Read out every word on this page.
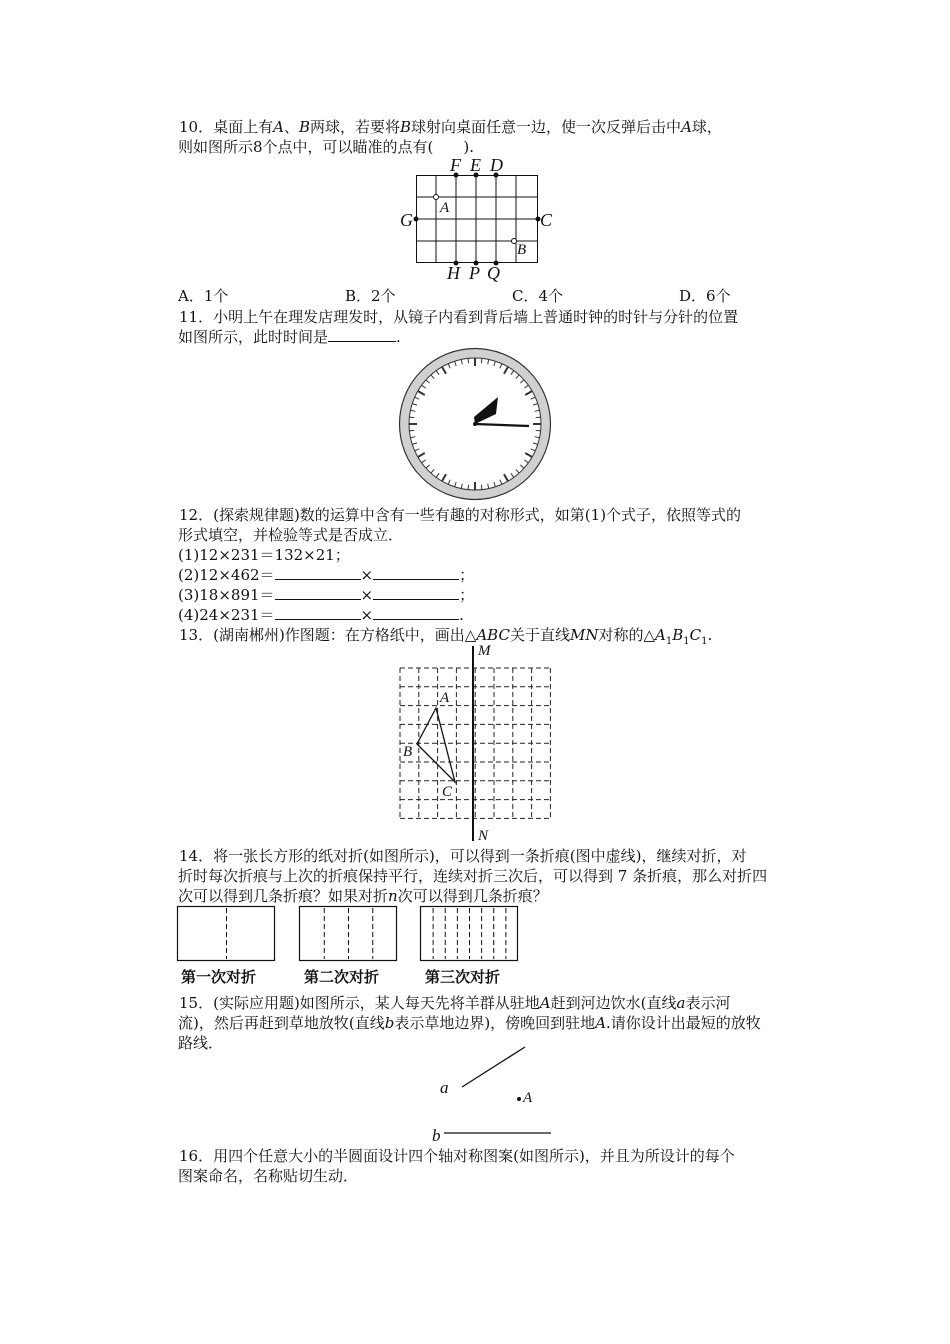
10．桌面上有A、B两球，若要将B球射向桌面任意一边，使一次反弹后击中A球，
则如图所示8个点中，可以瞄准的点有(　　).
F E D
G	C
H P Q
A
B
A．1个	B．2个	C．4个	D．6个
11．小明上午在理发店理发时，从镜子内看到背后墙上普通时钟的时针与分针的位置
如图所示，此时时间是	.
12．(探索规律题)数的运算中含有一些有趣的对称形式，如第(1)个式子，依照等式的
形式填空，并检验等式是否成立．
(1)12×231＝132×21；
(2)12×462＝	×	；
(3)18×891＝	×	；
(4)24×231＝	×	.
13．(湖南郴州)作图题：在方格纸中，画出△ABC关于直线MN对称的$\triangle A_1B_1C_1$.
M
N
A
B
C
14．将一张长方形的纸对折(如图所示)，可以得到一条折痕(图中虚线)，继续对折，对
折时每次折痕与上次的折痕保持平行，连续对折三次后，可以得到 7 条折痕，那么对折四
次可以得到几条折痕？如果对折n次可以得到几条折痕？
第一次对折	第二次对折	第三次对折
15．(实际应用题)如图所示，某人每天先将羊群从驻地A赶到河边饮水(直线a表示河
流)，然后再赶到草地放牧(直线b表示草地边界)，傍晚回到驻地A.请你设计出最短的放牧
路线．
a
A
b
16．用四个任意大小的半圆面设计四个轴对称图案(如图所示)，并且为所设计的每个
图案命名，名称贴切生动．
